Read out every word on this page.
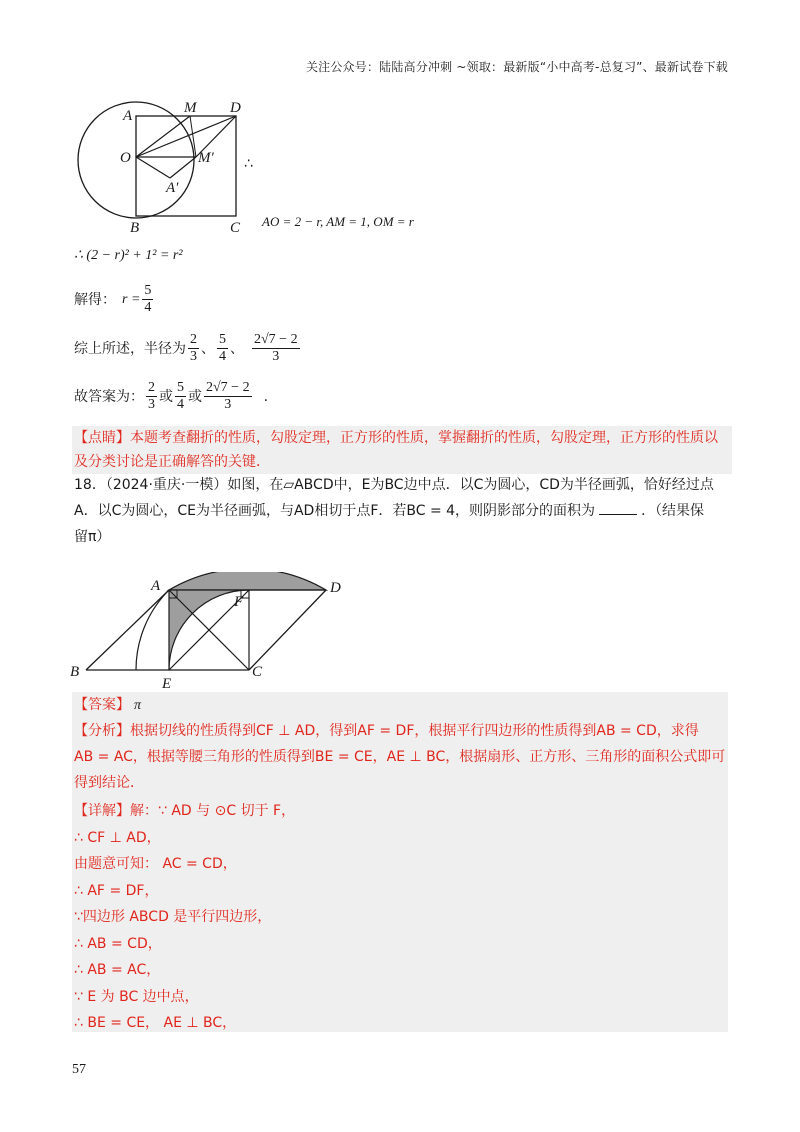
关注公众号：陆陆高分冲刺 ~领取：最新版“小中高考-总复习”、最新试卷下载
A	M D
O	M′
A′
B	C
∴
AO = 2 − r, AM = 1, OM = r
∴ (2 − r)² + 1² = r²
解得： $r = \frac{5}{4}$
综上所述，半径为 $\frac{2}{3}$ 、 $\frac{5}{4}$ 、 $\frac{2√7 - 2}{3}$
故答案为： $\frac{2}{3}$ 或 $\frac{5}{4}$ 或 $\frac{2√7 - 2}{3}$ .
【点睛】本题考查翻折的性质，勾股定理，正方形的性质，掌握翻折的性质，勾股定理，正方形的性质以及分类讨论是正确解答的关键．
18．（2024·重庆·一模）如图，在▱ABCD中，E为BC边中点．以C为圆心，CD为半径画弧，恰好经过点
A．以C为圆心，CE为半径画弧，与AD相切于点F．若BC = 4，则阴影部分的面积为	．（结果保
留π）
A	D
F
B
E
C
【答案】 π
【分析】根据切线的性质得到CF ⊥ AD，得到AF = DF，根据平行四边形的性质得到AB = CD，求得
AB = AC，根据等腰三角形的性质得到BE = CE，AE ⊥ BC，根据扇形、正方形、三角形的面积公式即可
得到结论．
【详解】解：∵ AD 与 ⊙C 切于 F，
∴ CF ⊥ AD，
由题意可知： AC = CD，
∴ AF = DF，
∵四边形 ABCD 是平行四边形，
∴ AB = CD，
∴ AB = AC，
∵ E 为 BC 边中点，
∴ BE = CE， AE ⊥ BC，
57
